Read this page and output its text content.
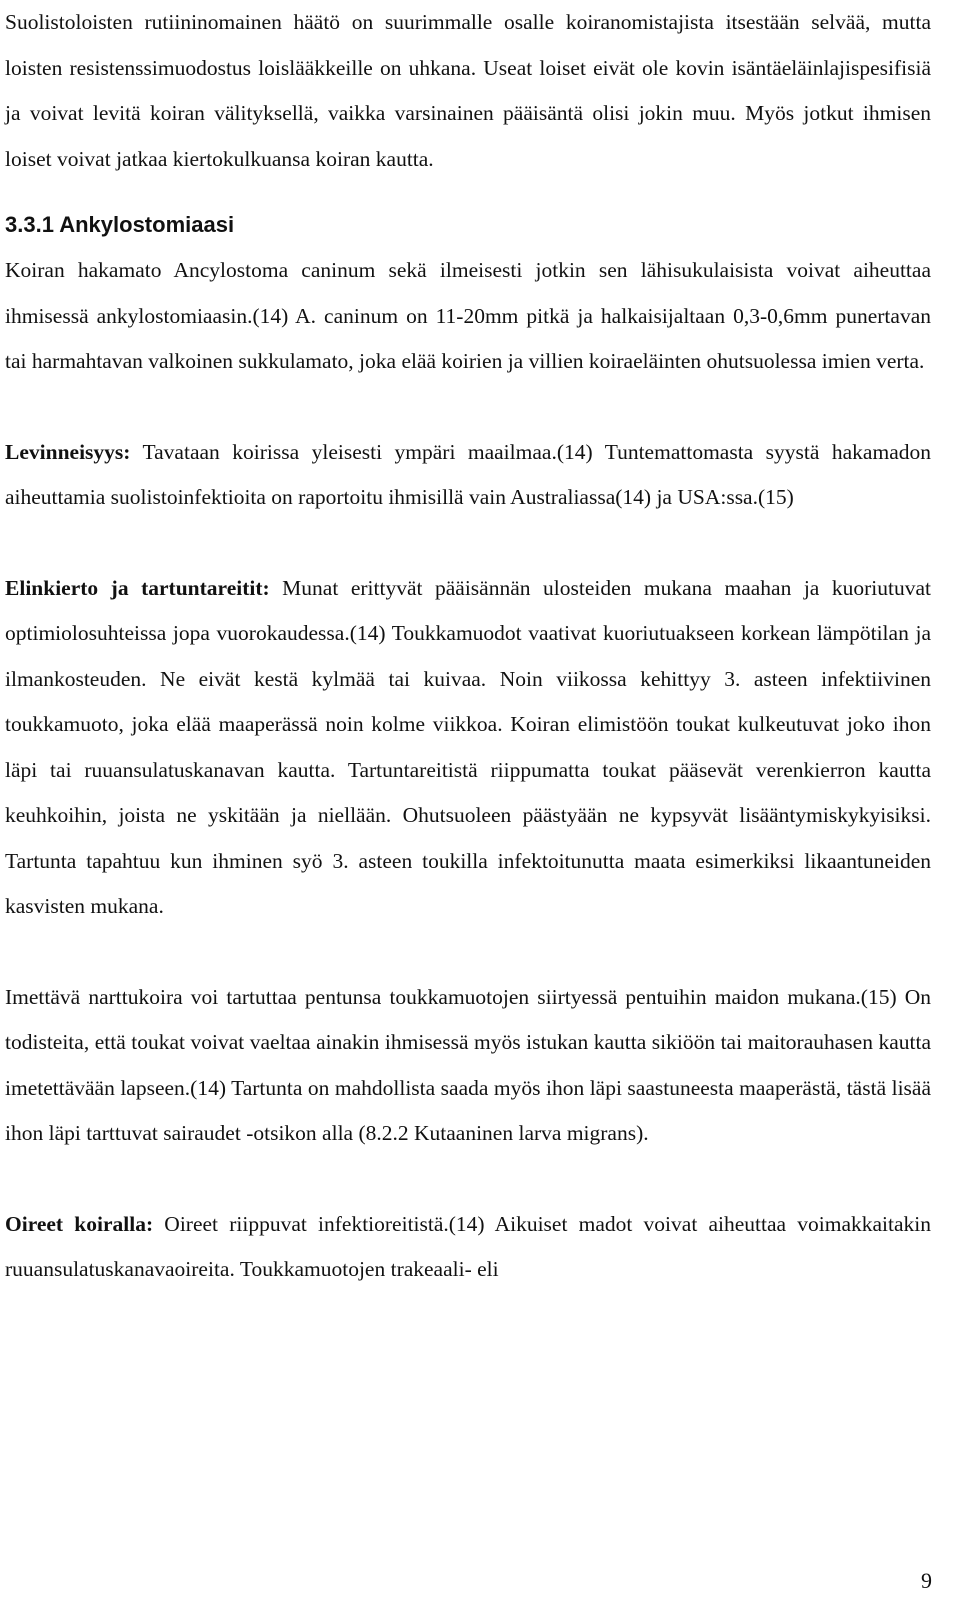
Suolistoloisten rutiininomainen häätö on suurimmalle osalle koiranomistajista itsestään selvää, mutta loisten resistenssimuodostus loislääkkeille on uhkana. Useat loiset eivät ole kovin isäntäeläinlajispesifisiä ja voivat levitä koiran välityksellä, vaikka varsinainen pääisäntä olisi jokin muu. Myös jotkut ihmisen loiset voivat jatkaa kiertokulkuansa koiran kautta.

3.3.1 Ankylostomiaasi

Koiran hakamato Ancylostoma caninum sekä ilmeisesti jotkin sen lähisukulaisista voivat aiheuttaa ihmisessä ankylostomiaasin.(14) A. caninum on 11-20mm pitkä ja halkaisijaltaan 0,3-0,6mm punertavan tai harmahtavan valkoinen sukkulamato, joka elää koirien ja villien koiraeläinten ohutsuolessa imien verta.

Levinneisyys: Tavataan koirissa yleisesti ympäri maailmaa.(14) Tuntemattomasta syystä hakamadon aiheuttamia suolistoinfektioita on raportoitu ihmisillä vain Australiassa(14) ja USA:ssa.(15)

Elinkierto ja tartuntareitit: Munat erittyvät pääisännän ulosteiden mukana maahan ja kuoriutuvat optimiolosuhteissa jopa vuorokaudessa.(14) Toukkamuodot vaativat kuoriutuakseen korkean lämpötilan ja ilmankosteuden. Ne eivät kestä kylmää tai kuivaa. Noin viikossa kehittyy 3. asteen infektiivinen toukkamuoto, joka elää maaperässä noin kolme viikkoa. Koiran elimistöön toukat kulkeutuvat joko ihon läpi tai ruuansulatuskanavan kautta. Tartuntareitistä riippumatta toukat pääsevät verenkierron kautta keuhkoihin, joista ne yskitään ja niellään. Ohutsuoleen päästyään ne kypsyvät lisääntymiskykyisiksi. Tartunta tapahtuu kun ihminen syö 3. asteen toukilla infektoitunutta maata esimerkiksi likaantuneiden kasvisten mukana.

Imettävä narttukoira voi tartuttaa pentunsa toukkamuotojen siirtyessä pentuihin maidon mukana.(15) On todisteita, että toukat voivat vaeltaa ainakin ihmisessä myös istukan kautta sikiöön tai maitorauhasen kautta imetettävään lapseen.(14) Tartunta on mahdollista saada myös ihon läpi saastuneesta maaperästä, tästä lisää ihon läpi tarttuvat sairaudet -otsikon alla (8.2.2 Kutaaninen larva migrans).

Oireet koiralla: Oireet riippuvat infektioreitistä.(14) Aikuiset madot voivat aiheuttaa voimakkaitakin ruuansulatuskanavaoireita. Toukkamuotojen trakeaali- eli

9
